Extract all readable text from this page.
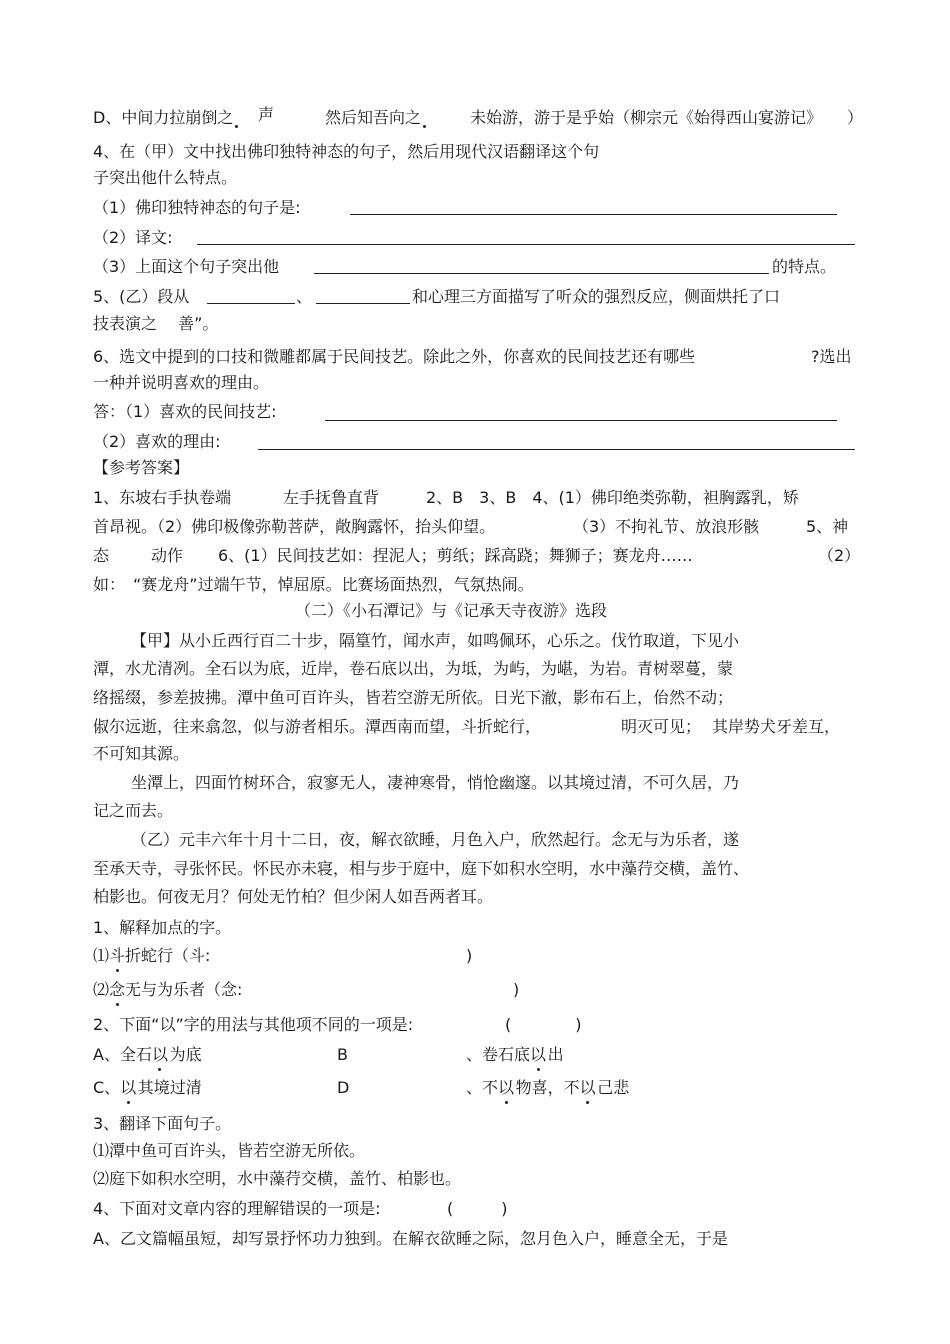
D、中间力拉崩倒之	声	然后知吾向之	未始游，游于是乎始（柳宗元《始得西山宴游记》 ）
4、在（甲）文中找出佛印独特神态的句子，然后用现代汉语翻译这个句
子突出他什么特点。
（1）佛印独特神态的句子是:
（2）译文:
（3）上面这个句子突出他	的特点。
5、(乙）段从	、	和心理三方面描写了听众的强烈反应，侧面烘托了口
技表演之　 善”。
6、选文中提到的口技和微雕都属于民间技艺。除此之外，你喜欢的民间技艺还有哪些	?选出
一种并说明喜欢的理由。
答：（1）喜欢的民间技艺:
（2）喜欢的理由:
【参考答案】
1、东坡右手执卷端	左手抚鲁直背	2、B　3、B　4、(1）佛印绝类弥勒，袒胸露乳，矫
首昂视。（2）佛印极像弥勒菩萨，敞胸露怀，抬头仰望。	（3）不拘礼节、放浪形骸	5、神
态	动作 6、(1）民间技艺如：捏泥人；剪纸；踩高跷；舞狮子；赛龙舟……	（2）
如：　“赛龙舟”过端午节，悼屈原。比赛场面热烈，气氛热闹。
（二）《小石潭记》与《记承天寺夜游》选段
【甲】从小丘西行百二十步，隔篁竹，闻水声，如鸣佩环，心乐之。伐竹取道，下见小
潭，水尤清冽。全石以为底，近岸，卷石底以出，为坻，为屿，为嵁，为岩。青树翠蔓，蒙
络摇缀，参差披拂。潭中鱼可百许头，皆若空游无所依。日光下澈，影布石上，佁然不动；
俶尔远逝，往来翕忽，似与游者相乐。潭西南而望，斗折蛇行，	明灭可见； 其岸势犬牙差互，
不可知其源。
坐潭上，四面竹树环合，寂寥无人，凄神寒骨，悄怆幽邃。以其境过清，不可久居，乃
记之而去。
（乙）元丰六年十月十二日，夜，解衣欲睡，月色入户，欣然起行。念无与为乐者，遂
至承天寺，寻张怀民。怀民亦未寝，相与步于庭中，庭下如积水空明，水中藻荇交横，盖竹、
柏影也。何夜无月？何处无竹柏？但少闲人如吾两者耳。
1、解释加点的字。
⑴斗折蛇行（斗:	)
⑵念无与为乐者（念:	)
2、下面“以”字的用法与其他项不同的一项是:	(　　　　)
A、全石以 为底	B	、卷石底以 出
C、以 其境过清	D	、不以 物喜，不以 己悲
3、翻译下面句子。
⑴潭中鱼可百许头，皆若空游无所依。
⑵庭下如积水空明，水中藻荇交横，盖竹、柏影也。
4、下面对文章内容的理解错误的一项是:	(　　　)
A、乙文篇幅虽短，却写景抒怀功力独到。在解衣欲睡之际，忽月色入户，睡意全无，于是
